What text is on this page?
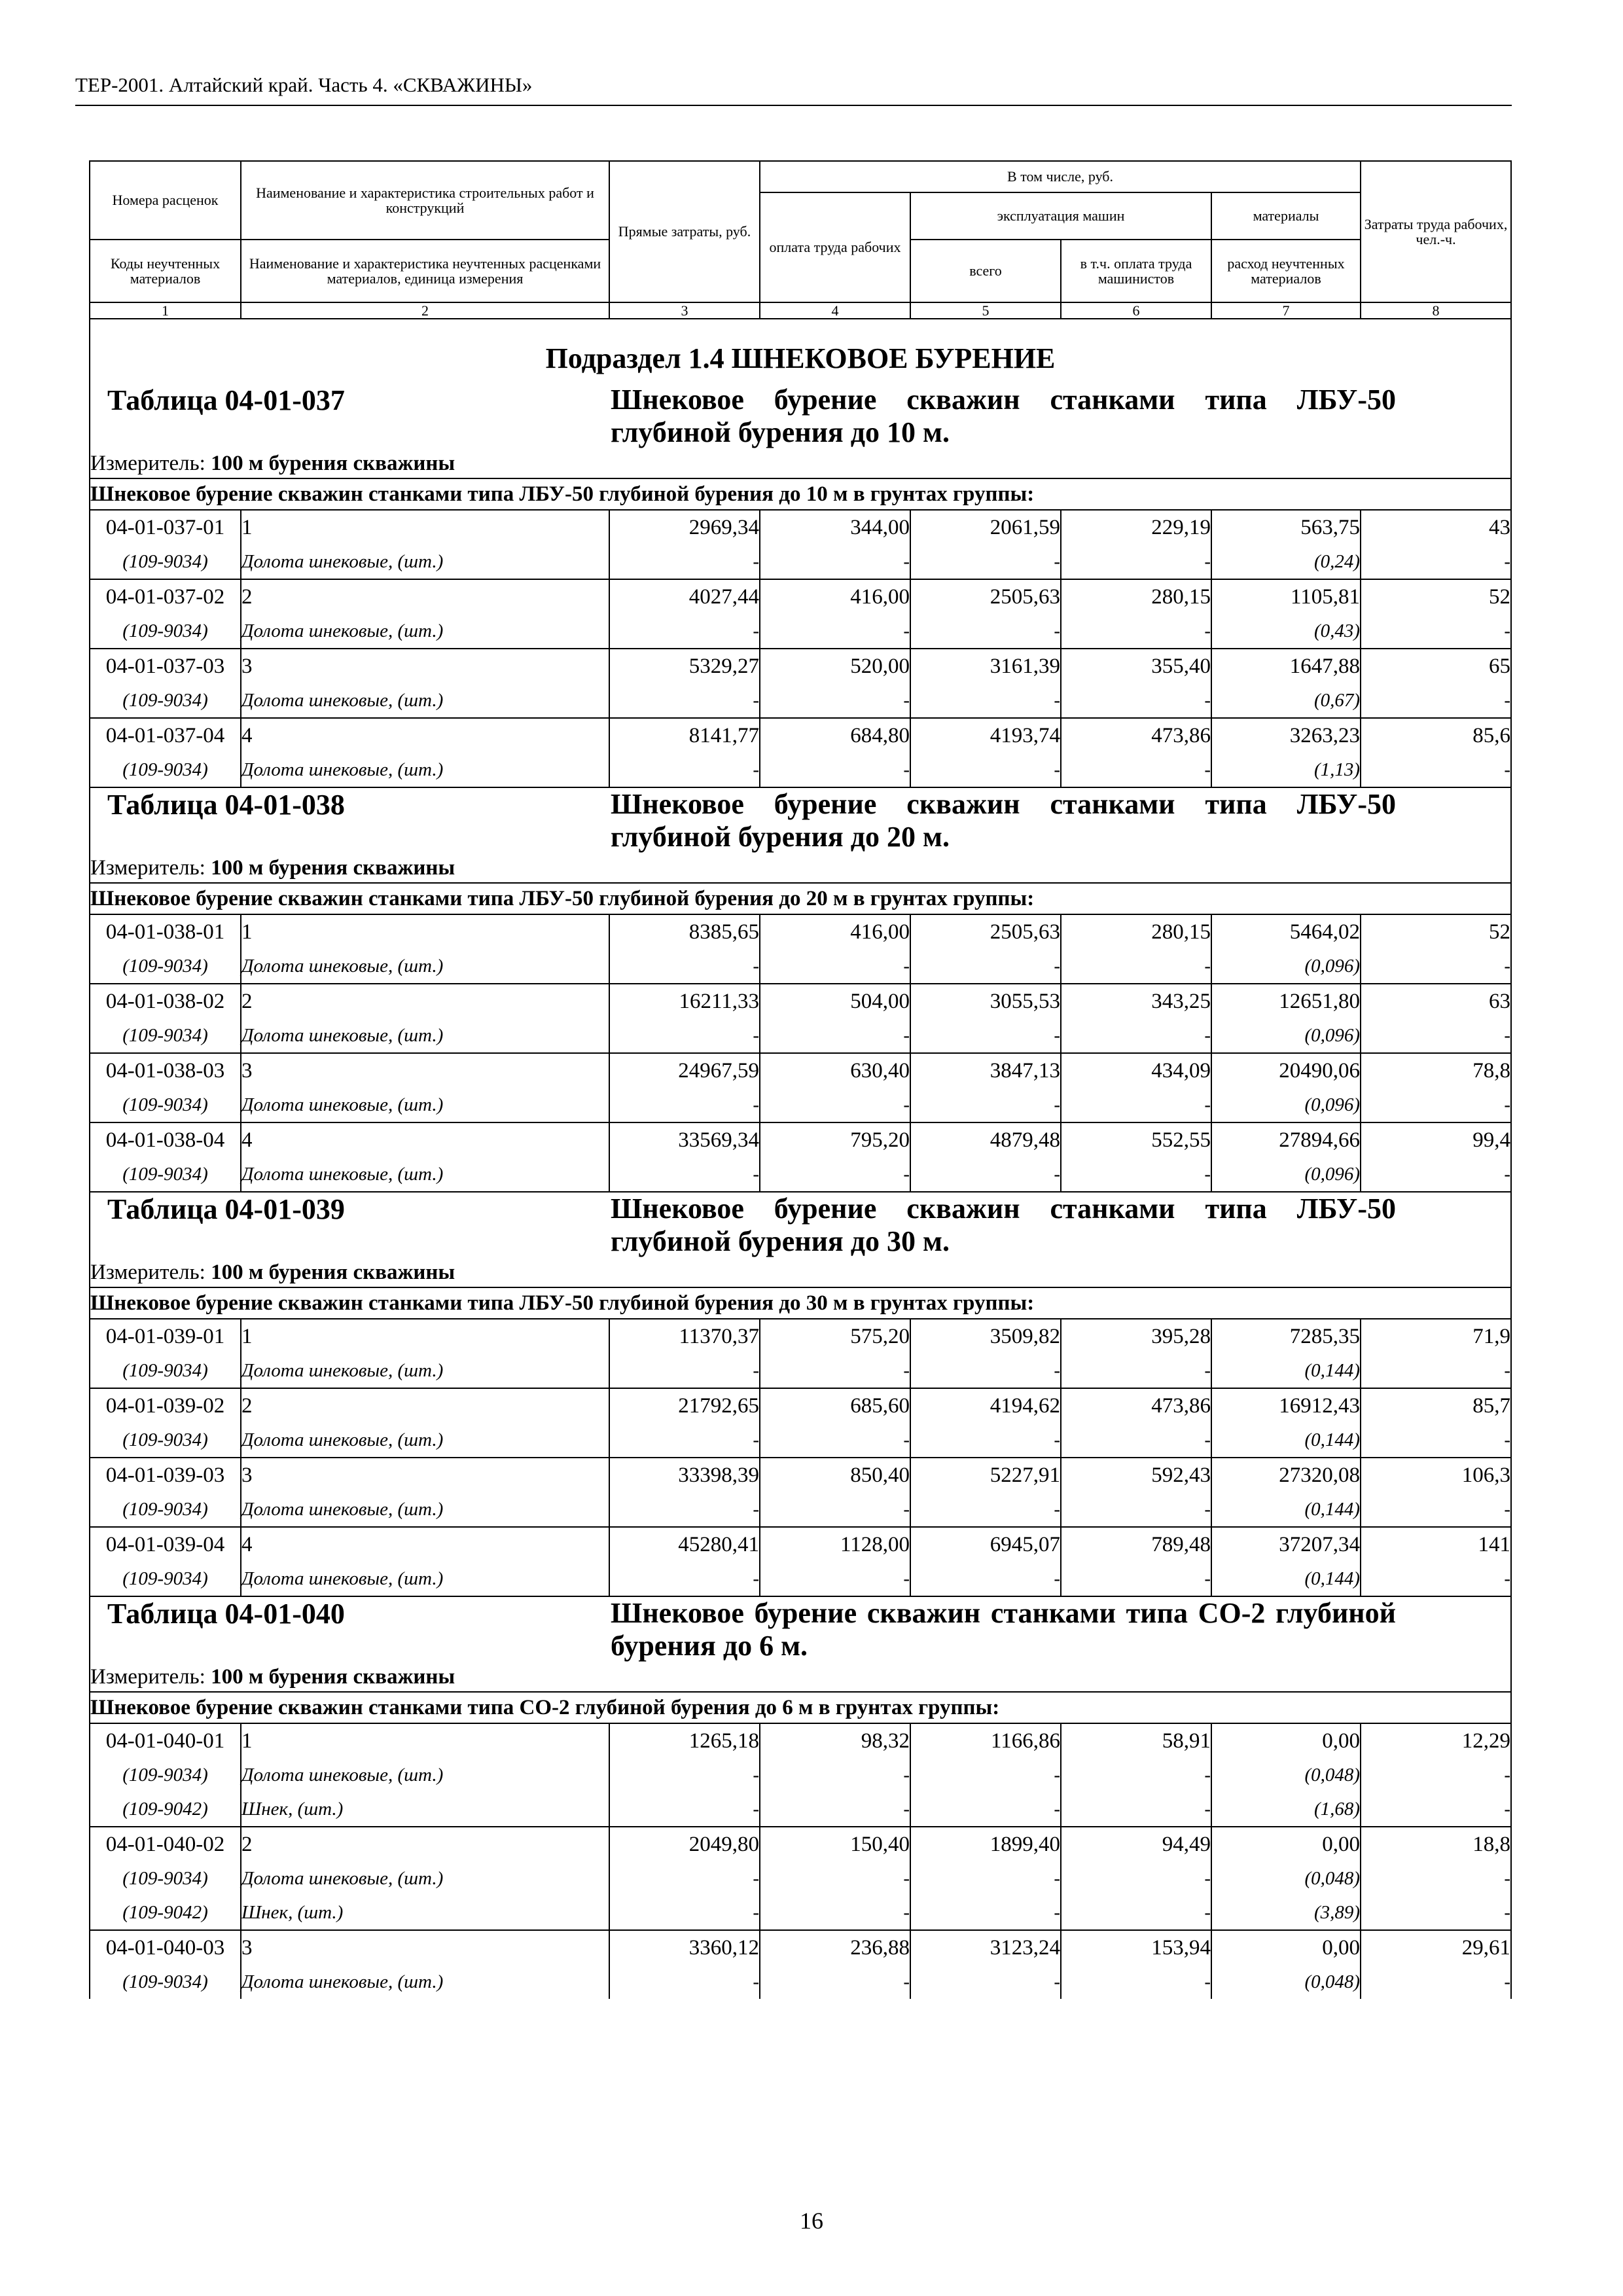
ТЕР-2001. Алтайский край. Часть 4. «СКВАЖИНЫ»
Номера расценок	Наименование и характеристика строительных работ и конструкций	Прямые затраты, руб.	В том числе, руб.				Затраты труда рабочих, чел.-ч.
			оплата труда рабочих	эксплуатация машин		материалы	
Коды неучтенных материалов	Наименование и характеристика неучтенных расценками материалов, единица измерения			всего	в т.ч. оплата труда машинистов	расход неучтенных материалов	
1	2	3	4	5	6	7	8
Подраздел 1.4 ШНЕКОВОЕ БУРЕНИЕ							

Таблица 04-01-037 Шнековое бурение скважин станками типа ЛБУ-50 глубиной бурения до 10 м.							

Измеритель: 100 м бурения скважины							
Шнековое бурение скважин станками типа ЛБУ-50 глубиной бурения до 10 м в грунтах группы:							
04-01-037-01	1	2969,34	344,00	2061,59	229,19	563,75	43
(109-9034)	Долота шнековые, (шт.)	-	-	-	-	(0,24)	-
04-01-037-02	2	4027,44	416,00	2505,63	280,15	1105,81	52
(109-9034)	Долота шнековые, (шт.)	-	-	-	-	(0,43)	-
04-01-037-03	3	5329,27	520,00	3161,39	355,40	1647,88	65
(109-9034)	Долота шнековые, (шт.)	-	-	-	-	(0,67)	-
04-01-037-04	4	8141,77	684,80	4193,74	473,86	3263,23	85,6
(109-9034)	Долота шнековые, (шт.)	-	-	-	-	(1,13)	-

Таблица 04-01-038 Шнековое бурение скважин станками типа ЛБУ-50 глубиной бурения до 20 м.							

Измеритель: 100 м бурения скважины							
Шнековое бурение скважин станками типа ЛБУ-50 глубиной бурения до 20 м в грунтах группы:							
04-01-038-01	1	8385,65	416,00	2505,63	280,15	5464,02	52
(109-9034)	Долота шнековые, (шт.)	-	-	-	-	(0,096)	-
04-01-038-02	2	16211,33	504,00	3055,53	343,25	12651,80	63
(109-9034)	Долота шнековые, (шт.)	-	-	-	-	(0,096)	-
04-01-038-03	3	24967,59	630,40	3847,13	434,09	20490,06	78,8
(109-9034)	Долота шнековые, (шт.)	-	-	-	-	(0,096)	-
04-01-038-04	4	33569,34	795,20	4879,48	552,55	27894,66	99,4
(109-9034)	Долота шнековые, (шт.)	-	-	-	-	(0,096)	-

Таблица 04-01-039 Шнековое бурение скважин станками типа ЛБУ-50 глубиной бурения до 30 м.							

Измеритель: 100 м бурения скважины							
Шнековое бурение скважин станками типа ЛБУ-50 глубиной бурения до 30 м в грунтах группы:							
04-01-039-01	1	11370,37	575,20	3509,82	395,28	7285,35	71,9
(109-9034)	Долота шнековые, (шт.)	-	-	-	-	(0,144)	-
04-01-039-02	2	21792,65	685,60	4194,62	473,86	16912,43	85,7
(109-9034)	Долота шнековые, (шт.)	-	-	-	-	(0,144)	-
04-01-039-03	3	33398,39	850,40	5227,91	592,43	27320,08	106,3
(109-9034)	Долота шнековые, (шт.)	-	-	-	-	(0,144)	-
04-01-039-04	4	45280,41	1128,00	6945,07	789,48	37207,34	141
(109-9034)	Долота шнековые, (шт.)	-	-	-	-	(0,144)	-

Таблица 04-01-040 Шнековое бурение скважин станками типа СО-2 глубиной бурения до 6 м.							

Измеритель: 100 м бурения скважины							
Шнековое бурение скважин станками типа СО-2 глубиной бурения до 6 м в грунтах группы:							
04-01-040-01	1	1265,18	98,32	1166,86	58,91	0,00	12,29
(109-9034)	Долота шнековые, (шт.)	-	-	-	-	(0,048)	-
(109-9042)	Шнек, (шт.)	-	-	-	-	(1,68)	-
04-01-040-02	2	2049,80	150,40	1899,40	94,49	0,00	18,8
(109-9034)	Долота шнековые, (шт.)	-	-	-	-	(0,048)	-
(109-9042)	Шнек, (шт.)	-	-	-	-	(3,89)	-
04-01-040-03	3	3360,12	236,88	3123,24	153,94	0,00	29,61
(109-9034)	Долота шнековые, (шт.)	-	-	-	-	(0,048)	-
16
